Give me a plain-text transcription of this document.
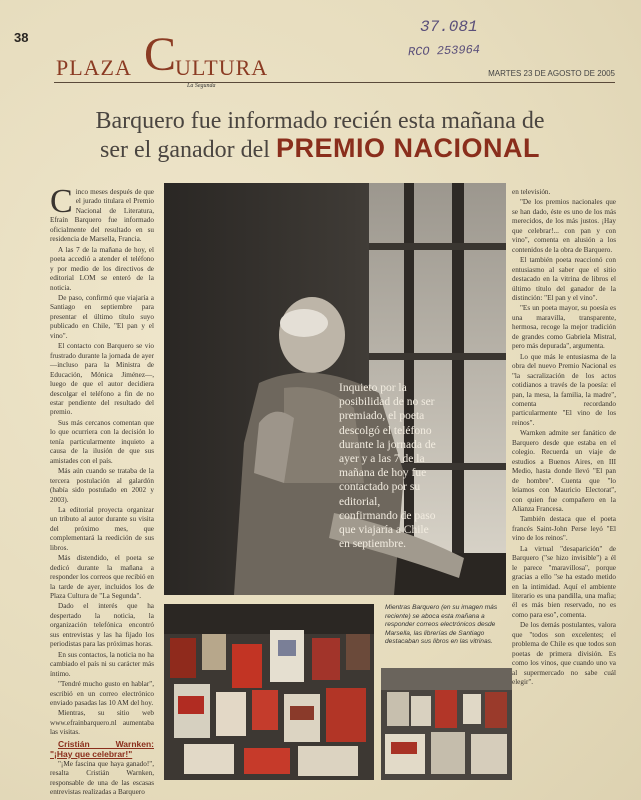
38
PLAZA C
ULTURA
La Segunda
MARTES 23 DE AGOSTO DE 2005
37.081
RCO 253964
Barquero fue informado recién esta mañana de
ser el ganador del PREMIO NACIONAL

Cinco meses después de que el jurado titulara el Premio Nacional de Literatura, Efraín Barquero fue informado oficialmente del resultado en su residencia de Marsella, Francia.

A las 7 de la mañana de hoy, el poeta accedió a atender el teléfono y por medio de los directivos de editorial LOM se enteró de la noticia.

De paso, confirmó que viajaría a Santiago en septiembre para presentar el último título suyo publicado en Chile, "El pan y el vino".

El contacto con Barquero se vio frustrado durante la jornada de ayer —incluso para la Ministra de Educación, Mónica Jiménez—, luego de que el autor decidiera descolgar el teléfono a fin de no estar pendiente del resultado del premio.

Sus más cercanos comentan que lo que ocurriera con la decisión lo tenía particularmente inquieto a causa de la ilusión de que sus amistades con el país.

Más aún cuando se trataba de la tercera postulación al galardón (había sido postulado en 2002 y 2003).

La editorial proyecta organizar un tributo al autor durante su visita del próximo mes, que complementará la reedición de sus libros.

Más distendido, el poeta se dedicó durante la mañana a responder los correos que recibió en la tarde de ayer, incluidos los de Plaza Cultura de "La Segunda".

Dado el interés que ha despertado la noticia, la organización telefónica encontró sus entrevistas y las ha fijado los periodistas para las próximas horas.

En sus contactos, la noticia no ha cambiado el país ni su carácter más íntimo.

"Tendré mucho gusto en hablar", escribió en un correo electrónico enviado pasadas las 10 AM del hoy.

Mientras, su sitio web www.efrainbarquero.nl aumentaba las visitas.

Cristián Warnken: "¡Hay que celebrar!"

"¡Me fascina que haya ganado!", resalta Cristián Warnken, responsable de una de las escasas entrevistas realizadas a Barquero

Inquieto por la posibilidad de no ser premiado, el poeta descolgó el teléfono durante la jornada de ayer y a las 7 de la mañana de hoy fue contactado por su editorial, confirmando de paso que viajaría a Chile en septiembre.

en televisión.

"De los premios nacionales que se han dado, éste es uno de los más merecidos, de los más justos. ¡Hay que celebrar!... con pan y con vino", comenta en alusión a los contenidos de la obra de Barquero.

El también poeta reaccionó con entusiasmo al saber que el sitio destacado en la vitrina de libros el último título del ganador de la distinción: "El pan y el vino".

"Es un poeta mayor, su poesía es una maravilla, transparente, hermosa, recoge la mejor tradición de grandes como Gabriela Mistral, pero más depurada", argumenta.

Lo que más le entusiasma de la obra del nuevo Premio Nacional es "la sacralización de los actos cotidianos a través de la poesía: el pan, la mesa, la familia, la madre", comenta recordando particularmente "El vino de los reinos".

Warnken admite ser fanático de Barquero desde que estaba en el colegio. Recuerda un viaje de estudios a Buenos Aires, en III Medio, hasta donde llevó "El pan de hombre". Cuenta que "lo leíamos con Mauricio Electorat", con quien fue compañero en la Alianza Francesa.

También destaca que el poeta francés Saint-John Perse leyó "El vino de los reinos".

La virtual "desaparición" de Barquero ("se hizo invisible") a él le parece "maravillosa", porque gracias a ello "se ha estado metido en la intimidad. Aquí el ambiente literario es una pandilla, una mafia; él es más bien reservado, no es como para eso", comenta.

De los demás postulantes, valora que "todos son excelentes; el problema de Chile es que todos son poetas de primera división. Es como los vinos, que cuando uno va al supermercado no sabe cuál elegir".

Mientras Barquero (en su imagen más reciente) se aboca esta mañana a responder correos electrónicos desde Marsella, las librerías de Santiago destacaban sus libros en las vitrinas.
